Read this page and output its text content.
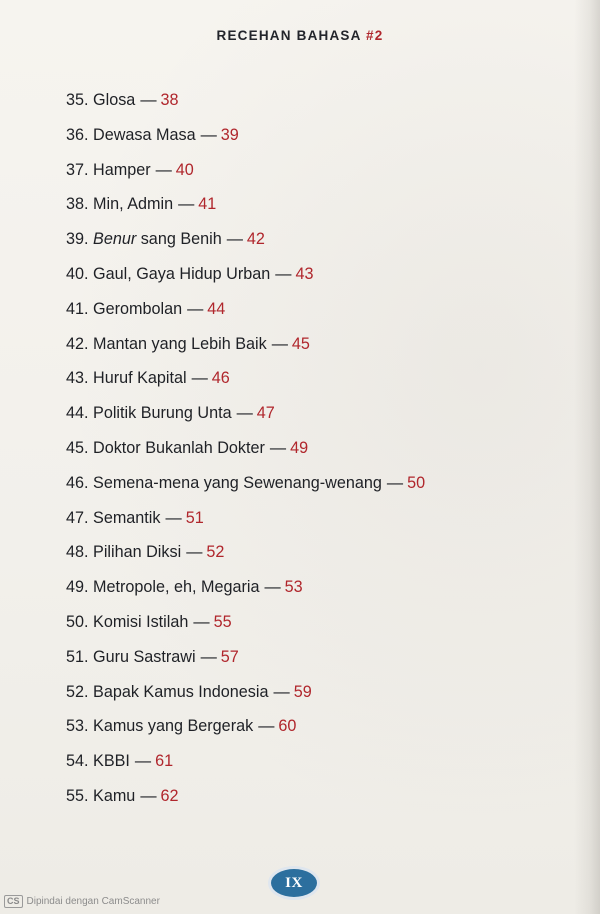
RECEHAN BAHASA #2
35. Glosa — 38
36. Dewasa Masa — 39
37. Hamper — 40
38. Min, Admin — 41
39. Benur sang Benih — 42
40. Gaul, Gaya Hidup Urban — 43
41. Gerombolan — 44
42. Mantan yang Lebih Baik — 45
43. Huruf Kapital — 46
44. Politik Burung Unta — 47
45. Doktor Bukanlah Dokter — 49
46. Semena-mena yang Sewenang-wenang — 50
47. Semantik — 51
48. Pilihan Diksi — 52
49. Metropole, eh, Megaria — 53
50. Komisi Istilah — 55
51. Guru Sastrawi — 57
52. Bapak Kamus Indonesia — 59
53. Kamus yang Bergerak — 60
54. KBBI — 61
55. Kamu — 62
IX
CS Dipindai dengan CamScanner
